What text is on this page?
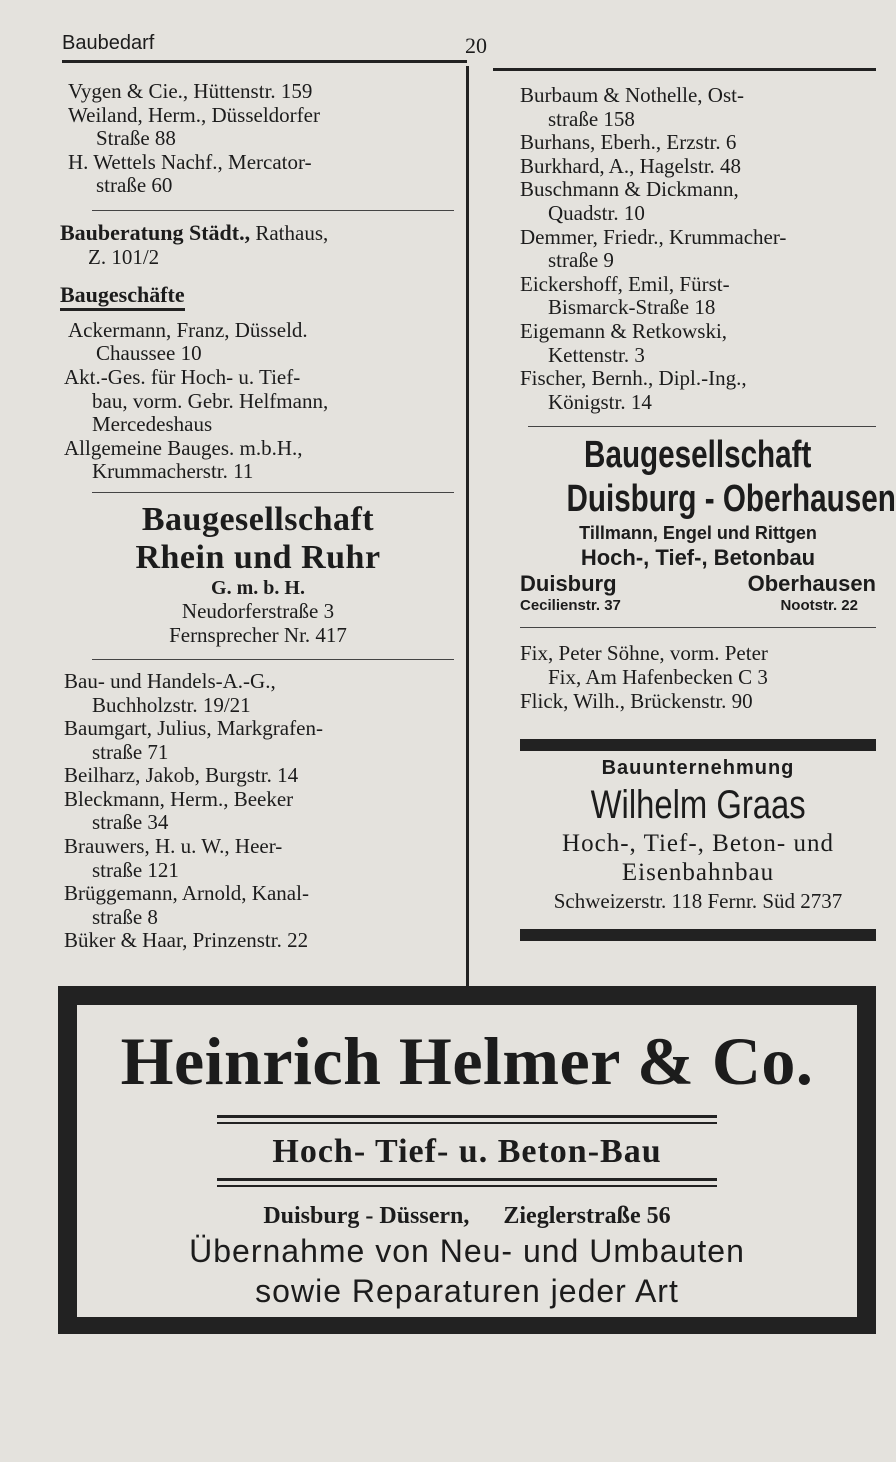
Baubedarf	20
Vygen & Cie., Hüttenstr. 159
Weiland, Herm., Düsseldorfer
Straße 88
H. Wettels Nachf., Mercator-
straße 60
Bauberatung Städt., Rathaus,
Z. 101/2
Baugeschäfte
Ackermann, Franz, Düsseld.
Chaussee 10
Akt.-Ges. für Hoch- u. Tief-
bau, vorm. Gebr. Helfmann,
Mercedeshaus
Allgemeine Bauges. m.b.H.,
Krummacherstr. 11
Baugesellschaft
Rhein und Ruhr
G. m. b. H.
Neudorferstraße 3
Fernsprecher Nr. 417
Bau- und Handels-A.-G.,
Buchholzstr. 19/21
Baumgart, Julius, Markgrafen-
straße 71
Beilharz, Jakob, Burgstr. 14
Bleckmann, Herm., Beeker
straße 34
Brauwers, H. u. W., Heer-
straße 121
Brüggemann, Arnold, Kanal-
straße 8
Büker & Haar, Prinzenstr. 22
Burbaum & Nothelle, Ost-
straße 158
Burhans, Eberh., Erzstr. 6
Burkhard, A., Hagelstr. 48
Buschmann & Dickmann,
Quadstr. 10
Demmer, Friedr., Krummacher-
straße 9
Eickershoff, Emil, Fürst-
Bismarck-Straße 18
Eigemann & Retkowski,
Kettenstr. 3
Fischer, Bernh., Dipl.-Ing.,
Königstr. 14
Baugesellschaft
Duisburg - Oberhausen
Tillmann, Engel und Rittgen
Hoch-, Tief-, Betonbau
Duisburg	Oberhausen
Cecilienstr. 37	Nootstr. 22
Fix, Peter Söhne, vorm. Peter
Fix, Am Hafenbecken C 3
Flick, Wilh., Brückenstr. 90
Bauunternehmung
Wilhelm Graas
Hoch-, Tief-, Beton- und
Eisenbahnbau
Schweizerstr. 118 Fernr. Süd 2737
Heinrich Helmer & Co.
Hoch- Tief- u. Beton-Bau
Duisburg - Düssern, Zieglerstraße 56
Übernahme von Neu- und Umbauten
sowie Reparaturen jeder Art
